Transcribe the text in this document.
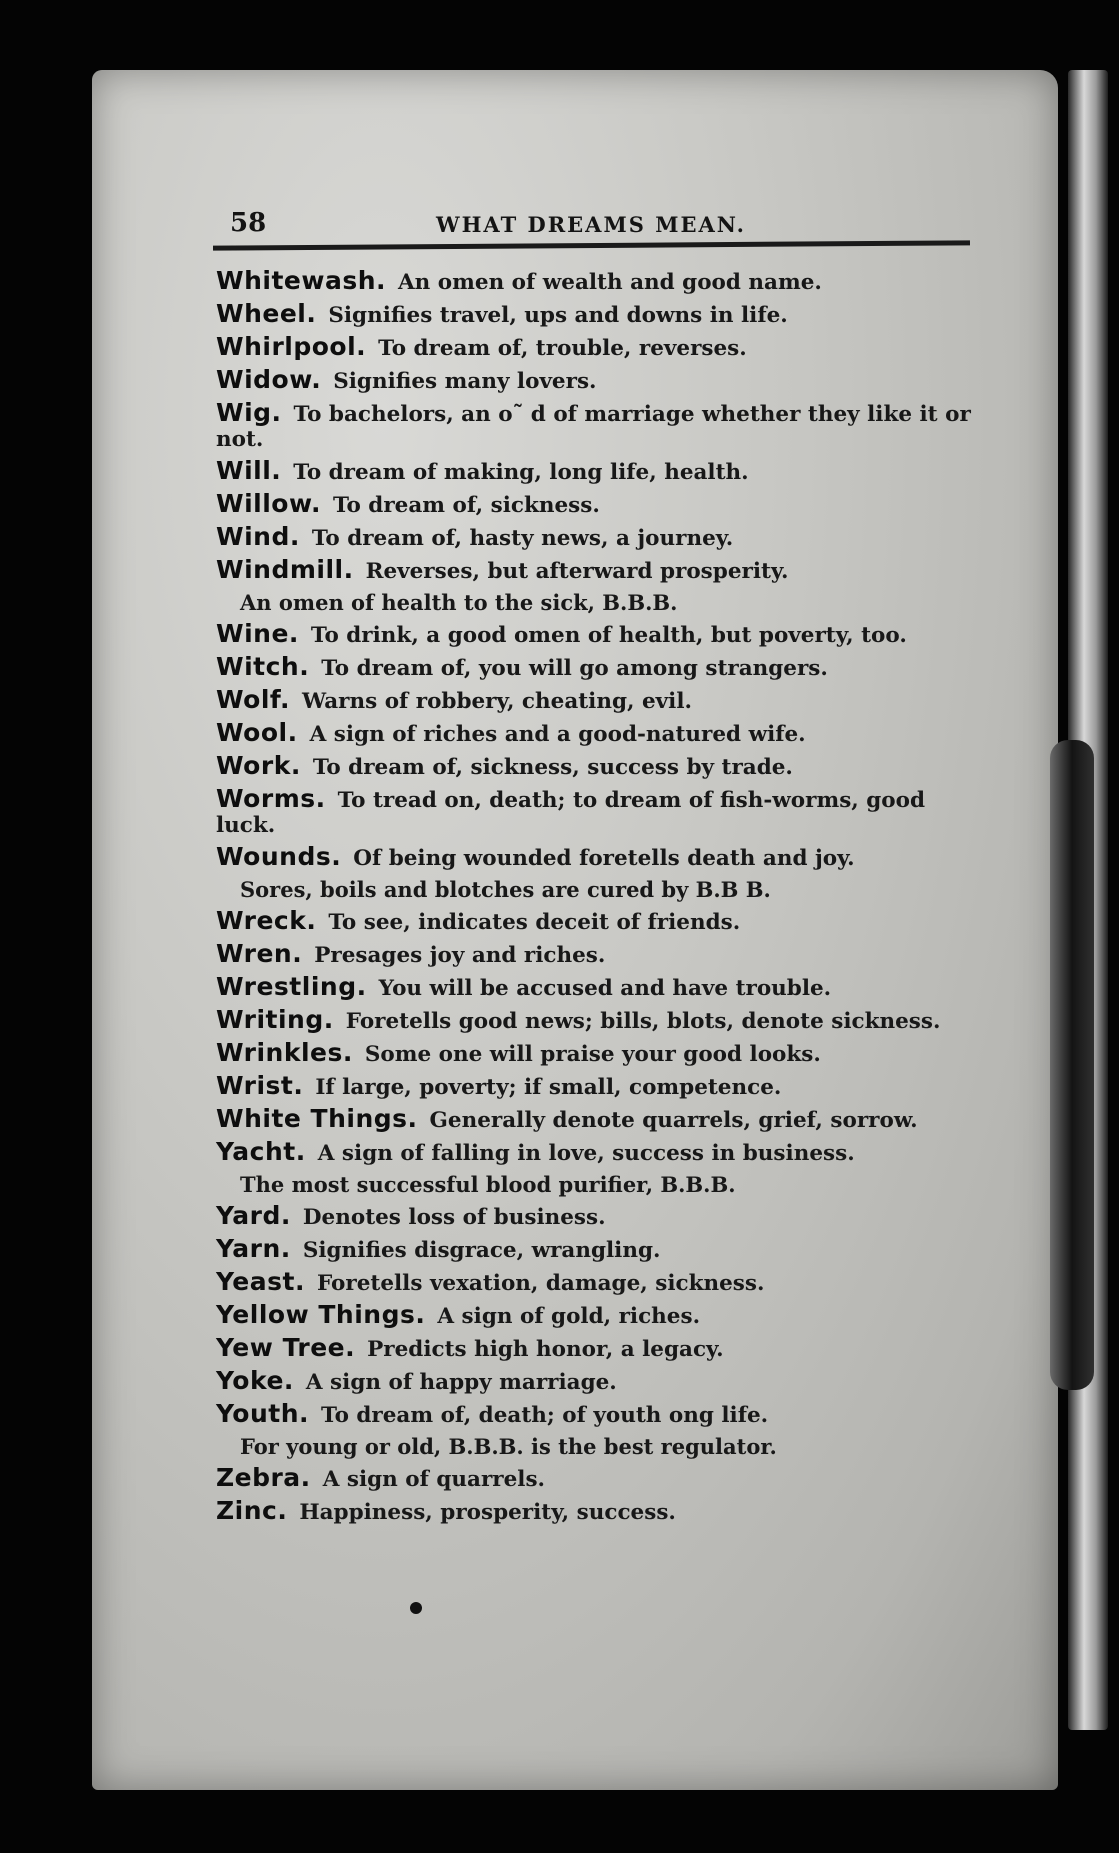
58	WHAT DREAMS MEAN.
Whitewash. An omen of wealth and good name.
Wheel. Signifies travel, ups and downs in life.
Whirlpool. To dream of, trouble, reverses.
Widow. Signifies many lovers.
Wig. To bachelors, an o˜ d of marriage whether they like it or not.
Will. To dream of making, long life, health.
Willow. To dream of, sickness.
Wind. To dream of, hasty news, a journey.
Windmill. Reverses, but afterward prosperity.
An omen of health to the sick, B.B.B.
Wine. To drink, a good omen of health, but poverty, too.
Witch. To dream of, you will go among strangers.
Wolf. Warns of robbery, cheating, evil.
Wool. A sign of riches and a good-natured wife.
Work. To dream of, sickness, success by trade.
Worms. To tread on, death; to dream of fish-worms, good luck.
Wounds. Of being wounded foretells death and joy.
Sores, boils and blotches are cured by B.B B.
Wreck. To see, indicates deceit of friends.
Wren. Presages joy and riches.
Wrestling. You will be accused and have trouble.
Writing. Foretells good news; bills, blots, denote sickness.
Wrinkles. Some one will praise your good looks.
Wrist. If large, poverty; if small, competence.
White Things. Generally denote quarrels, grief, sorrow.
Yacht. A sign of falling in love, success in business.
The most successful blood purifier, B.B.B.
Yard. Denotes loss of business.
Yarn. Signifies disgrace, wrangling.
Yeast. Foretells vexation, damage, sickness.
Yellow Things. A sign of gold, riches.
Yew Tree. Predicts high honor, a legacy.
Yoke. A sign of happy marriage.
Youth. To dream of, death; of youth ong life.
For young or old, B.B.B. is the best regulator.
Zebra. A sign of quarrels.
Zinc. Happiness, prosperity, success.
